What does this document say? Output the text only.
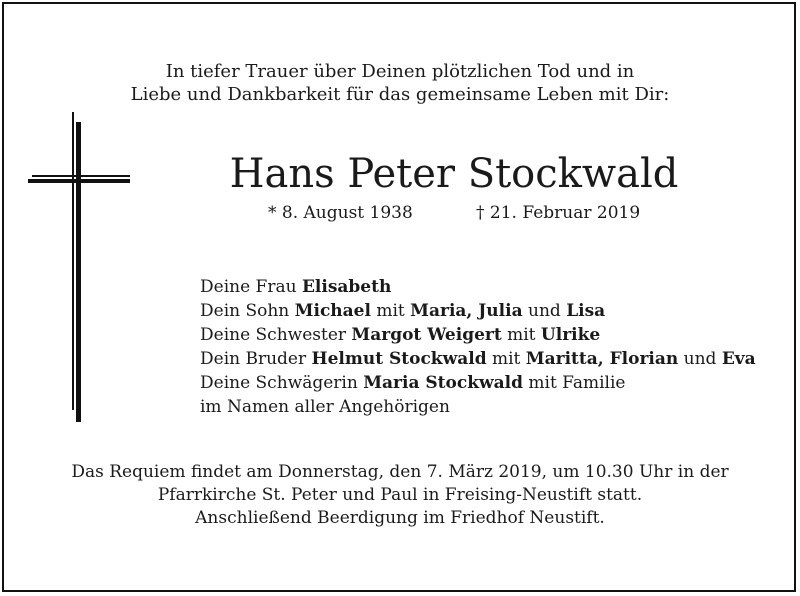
In tiefer Trauer über Deinen plötzlichen Tod und in
Liebe und Dankbarkeit für das gemeinsame Leben mit Dir:
Hans Peter Stockwald
* 8. August 1938	† 21. Februar 2019
Deine Frau Elisabeth
Dein Sohn Michael mit Maria, Julia und Lisa
Deine Schwester Margot Weigert mit Ulrike
Dein Bruder Helmut Stockwald mit Maritta, Florian und Eva
Deine Schwägerin Maria Stockwald mit Familie
im Namen aller Angehörigen
Das Requiem findet am Donnerstag, den 7. März 2019, um 10.30 Uhr in der
Pfarrkirche St. Peter und Paul in Freising-Neustift statt.
Anschließend Beerdigung im Friedhof Neustift.
